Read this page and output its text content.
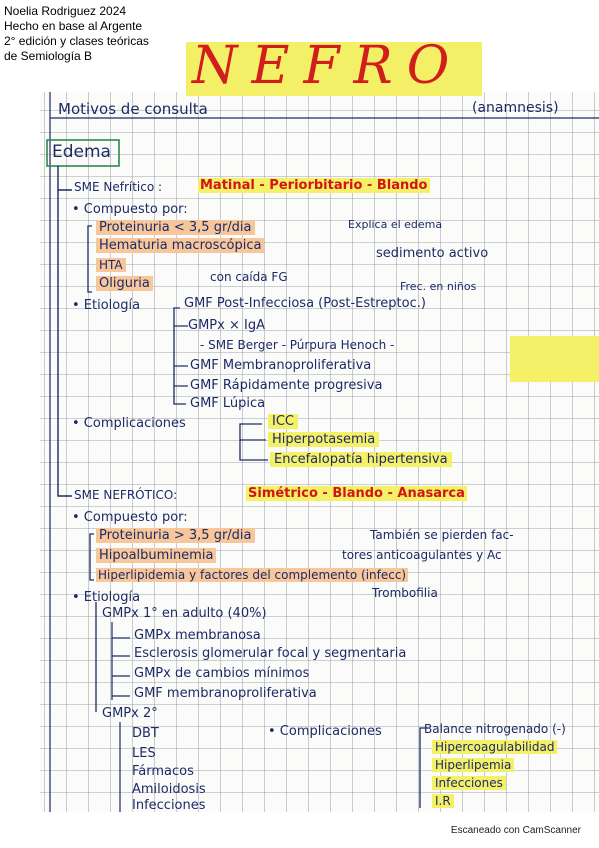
Noelia Rodriguez 2024
Hecho en base al Argente
2° edición y clases teóricas
de Semiología B	NEFRO
Motivos de consulta	(anamnesis)
Edema
SME Nefrítico :	Matinal - Periorbitario - Blando
• Compuesto por:
Proteinuria < 3,5 gr/dia
Hematuria macroscópica
HTA
Oliguria
Explica el edema
sedimento activo
con caída FG
Frec. en niños
• Etiología	GMF Post-Infecciosa (Post-Estreptoc.)
GMPx × IgA
- SME Berger - Púrpura Henoch -
GMF Membranoproliferativa
GMF Rápidamente progresiva
GMF Lúpica
• Complicaciones	ICC
Hiperpotasemia
Encefalopatía hipertensiva
SME NEFRÓTICO:	Simétrico - Blando - Anasarca
• Compuesto por:
Proteinuria > 3,5 gr/dia
Hipoalbuminemia
Hiperlipidemia y factores del complemento (infecc)
También se pierden fac-
tores anticoagulantes y Ac
Trombofilia
• Etiología
GMPx 1° en adulto (40%)
GMPx membranosa
Esclerosis glomerular focal y segmentaria
GMPx de cambios mínimos
GMF membranoproliferativa
GMPx 2°
DBT
LES
Fármacos
Amiloidosis
Infecciones
• Complicaciones	Balance nitrogenado (-)
Hipercoagulabilidad
Hiperlipemia
Infecciones
I.R
Escaneado con CamScanner
